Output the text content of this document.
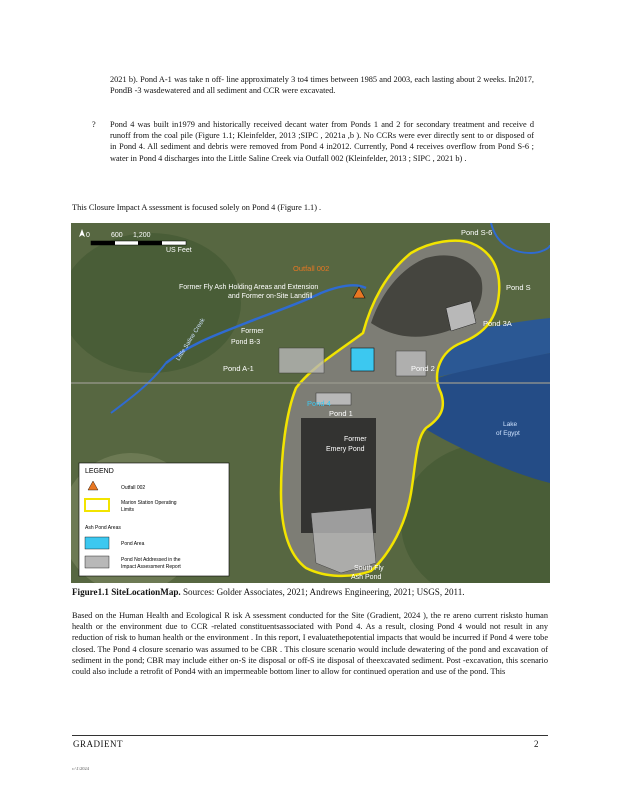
2021 b). Pond A-1 was take n off- line approximately 3 to4 times between 1985 and 2003, each lasting about 2 weeks. In2017, PondB -3 wasdewatered and all sediment and CCR were excavated.

? Pond 4 was built in1979 and historically received decant water from Ponds 1 and 2 for secondary treatment and receive d runoff from the coal pile (Figure 1.1; Kleinfelder, 2013 ;SIPC , 2021a ,b ). No CCRs were ever directly sent to or disposed of in Pond 4. All sediment and debris were removed from Pond 4 in2012. Currently, Pond 4 receives overflow from Pond S-6 ; water in Pond 4 discharges into the Little Saline Creek via Outfall 002 (Kleinfelder, 2013 ; SIPC , 2021 b) .

This Closure Impact A ssessment is focused solely on Pond 4 (Figure 1.1) .

0	600 1,200
US Feet
Pond S-6
Outfall 002
Former Fly Ash Holding Areas and Extension
and Former on-Site Landfill
Pond S
Pond 3A
Former
Pond B-3
Pond A-1	Pond 2
Pond 4
Pond 1
Little Saline Creek
Lake
of Egypt
Former
Emery Pond
South Fly
Ash Pond
LEGEND
Outfall 002
Marion Station Operating
Limits
Ash Pond Areas
Pond Area
Pond Not Addressed in the
Impact Assessment Report
Figure1.1 SiteLocationMap. Sources: Golder Associates, 2021; Andrews Engineering, 2021; USGS, 2011.

Based on the Human Health and Ecological R isk A ssessment conducted for the Site (Gradient, 2024 ), the re areno current risksto human health or the environment due to CCR -related constituentsassociated with Pond 4. As a result, closing Pond 4 would not result in any reduction of risk to human health or the environment . In this report, I evaluatethepotential impacts that would be incurred if Pond 4 were tobe closed. The Pond 4 closure scenario was assumed to be CBR . This closure scenario would include dewatering of the pond and excavation of sediment in the pond; CBR may include either on-S ite disposal or off-S ite disposal of theexcavated sediment. Post -excavation, this scenario could also include a retrofit of Pond4 with an impermeable bottom liner to allow for continued operation and use of the pond. This

GRADIENT	2
c:\1\2024
